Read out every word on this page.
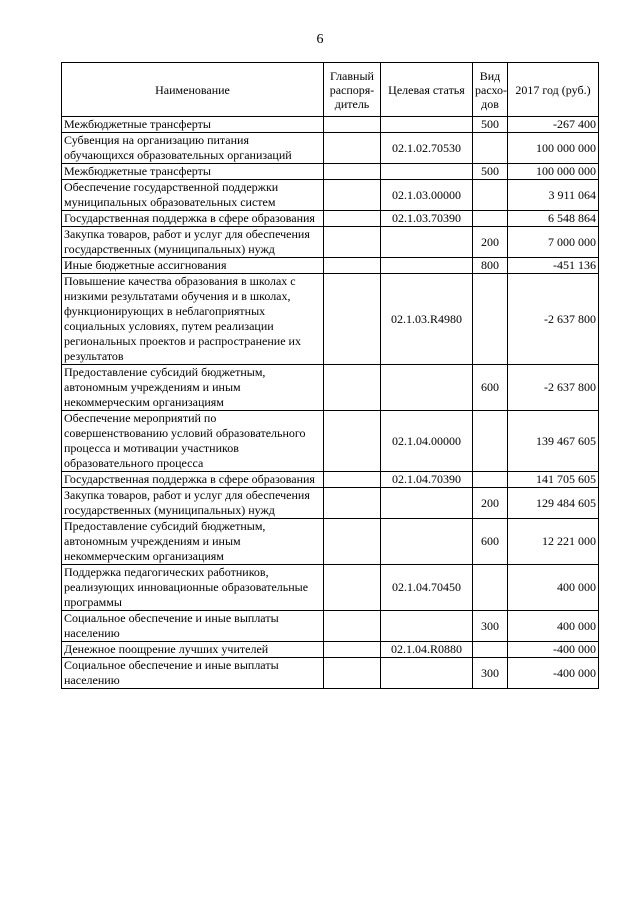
6
Наименование	Главный распоря-дитель	Целевая статья	Вид расхо-дов	2017 год (руб.)
Межбюджетные трансферты			500	-267 400
Субвенция на организацию питания обучающихся образовательных организаций		02.1.02.70530		100 000 000
Межбюджетные трансферты			500	100 000 000
Обеспечение государственной поддержки муниципальных образовательных систем		02.1.03.00000		3 911 064
Государственная поддержка в сфере образования		02.1.03.70390		6 548 864
Закупка товаров, работ и услуг для обеспечения государственных (муниципальных) нужд			200	7 000 000
Иные бюджетные ассигнования			800	-451 136
Повышение качества образования в школах с низкими результатами обучения и в школах, функционирующих в неблагоприятных социальных условиях, путем реализации региональных проектов и распространение их результатов		02.1.03.R4980		-2 637 800
Предоставление субсидий бюджетным, автономным учреждениям и иным некоммерческим организациям			600	-2 637 800
Обеспечение мероприятий по совершенствованию условий образовательного процесса и мотивации участников образовательного процесса		02.1.04.00000		139 467 605
Государственная поддержка в сфере образования		02.1.04.70390		141 705 605
Закупка товаров, работ и услуг для обеспечения государственных (муниципальных) нужд			200	129 484 605
Предоставление субсидий бюджетным, автономным учреждениям и иным некоммерческим организациям			600	12 221 000
Поддержка педагогических работников, реализующих инновационные образовательные программы		02.1.04.70450		400 000
Социальное обеспечение и иные выплаты населению			300	400 000
Денежное поощрение лучших учителей		02.1.04.R0880		-400 000
Социальное обеспечение и иные выплаты населению			300	-400 000
